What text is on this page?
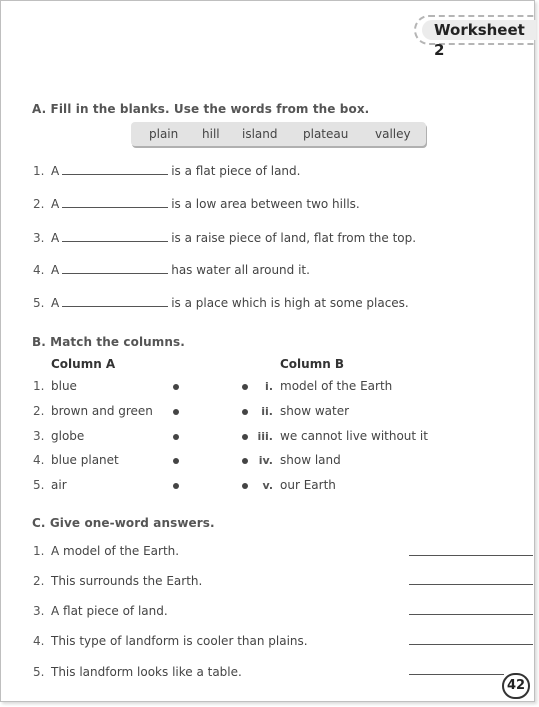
Worksheet 2
A. Fill in the blanks. Use the words from the box.
plain hill island plateau valley
1. A	is a flat piece of land.
2. A	is a low area between two hills.
3. A	is a raise piece of land, flat from the top.
4. A	has water all around it.
5. A	is a place which is high at some places.
B. Match the columns.
Column A	Column B
1. blue	i. model of the Earth
2. brown and green	ii. show water
3. globe	iii. we cannot live without it
4. blue planet	iv. show land
5. air	v. our Earth
C. Give one-word answers.
1. A model of the Earth.
2. This surrounds the Earth.
3. A flat piece of land.
4. This type of landform is cooler than plains.
5. This landform looks like a table.
42
